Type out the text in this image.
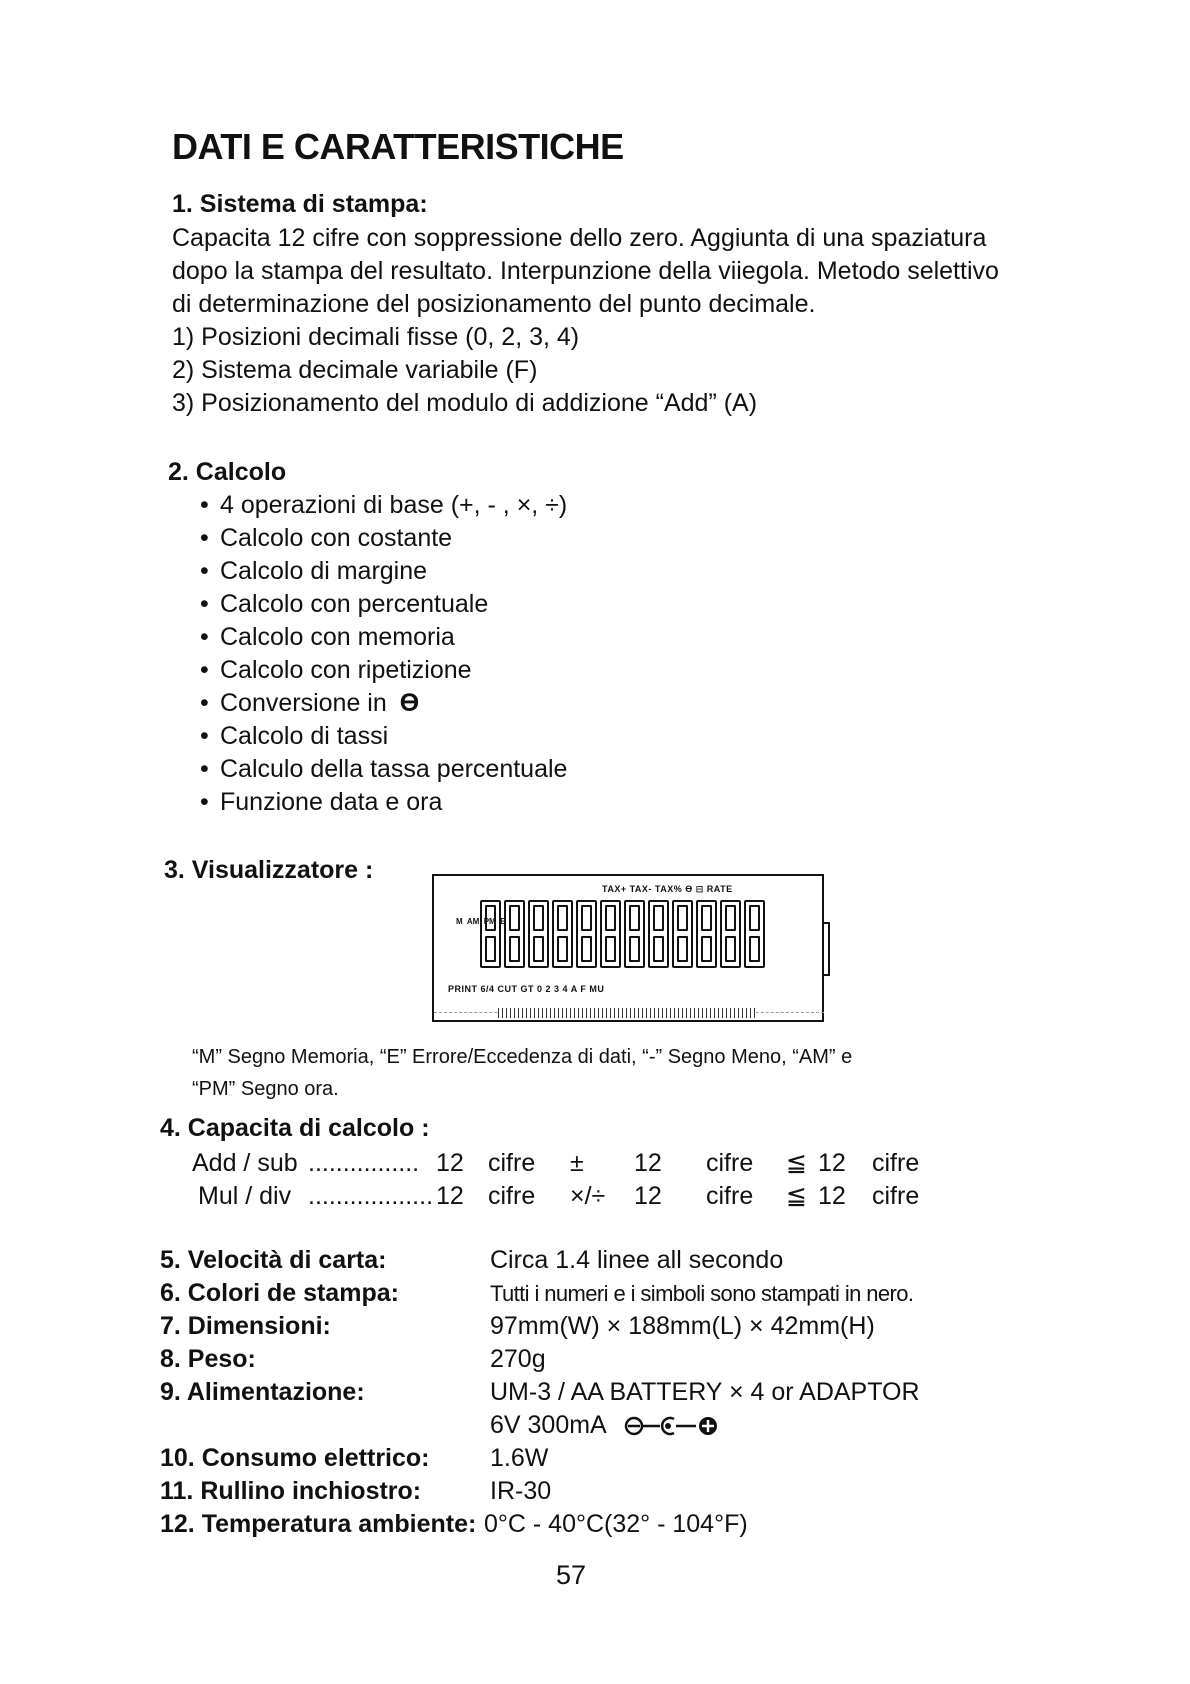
DATI E CARATTERISTICHE
1. Sistema di stampa:
Capacita 12 cifre con soppressione dello zero. Aggiunta di una spaziatura
dopo la stampa del resultato. Interpunzione della viiegola. Metodo selettivo
di determinazione del posizionamento del punto decimale.
1) Posizioni decimali fisse (0, 2, 3, 4)
2) Sistema decimale variabile (F)
3) Posizionamento del modulo di addizione “Add” (A)
2. Calcolo
• 4 operazioni di base (+, - , ×, ÷)
• Calcolo con costante
• Calcolo di margine
• Calcolo con percentuale
• Calcolo con memoria
• Calcolo con ripetizione
• Conversione in ϴ
• Calcolo di tassi
• Calculo della tassa percentuale
• Funzione data e ora
3. Visualizzatore :
TAX+ TAX- TAX% ϴ ⊟ RATE
M  AM  PM  E
PRINT 6/4 CUT GT 0 2 3 4 A F MU
“M” Segno Memoria, “E” Errore/Eccedenza di dati, “-” Segno Meno, “AM” e
“PM” Segno ora.
4. Capacita di calcolo :
Add / sub ................ 12 cifre ± 12 cifre ≦ 12 cifre
Mul / div .................. 12 cifre ×/÷ 12 cifre ≦ 12 cifre
5. Velocità di carta:	Circa 1.4 linee all secondo
6. Colori de stampa:	Tutti i numeri e i simboli sono stampati in nero.
7. Dimensioni:	97mm(W) × 188mm(L) × 42mm(H)
8. Peso:	270g
9. Alimentazione:	UM-3 / AA BATTERY × 4 or ADAPTOR
6V 300mA
10. Consumo elettrico: 1.6W
11. Rullino inchiostro:	IR-30
12. Temperatura ambiente: 0°C - 40°C(32° - 104°F)
57
